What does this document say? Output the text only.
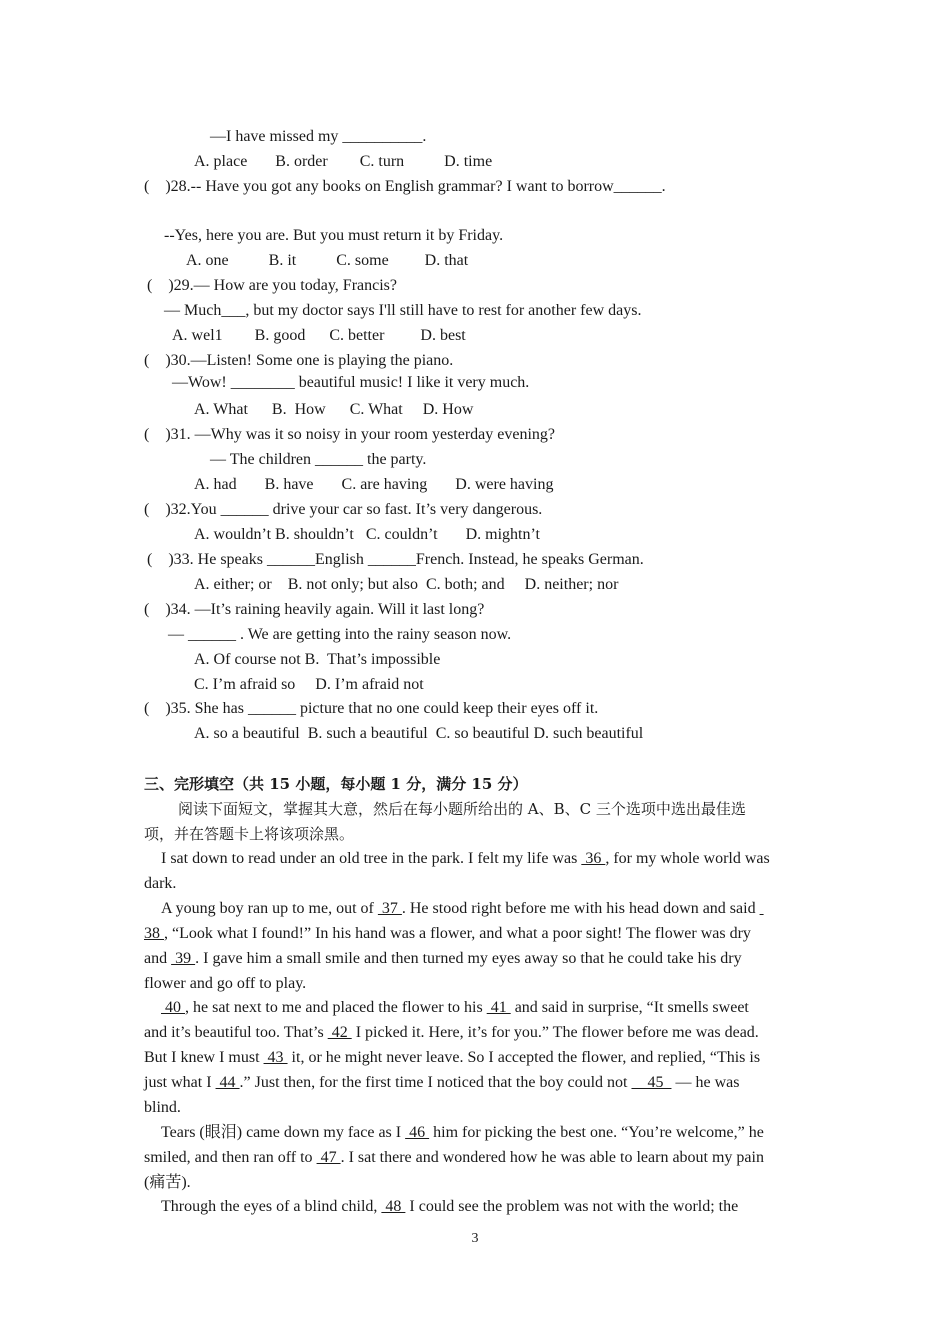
—I have missed my __________.
A. place       B. order        C. turn          D. time
(    )28.-- Have you got any books on English grammar? I want to borrow______.
--Yes, here you are. But you must return it by Friday.
A. one          B. it          C. some         D. that
(    )29.— How are you today, Francis?
— Much___, but my doctor says I'll still have to rest for another few days.
A. wel1        B. good      C. better         D. best
(    )30.—Listen! Some one is playing the piano.
—Wow! ________ beautiful music! I like it very much.
A. What      B.  How      C. What     D. How
(    )31. —Why was it so noisy in your room yesterday evening?
— The children ______ the party.
A. had       B. have       C. are having       D. were having
(    )32.You ______ drive your car so fast. It’s very dangerous.
A. wouldn’t B. shouldn’t   C. couldn’t       D. mightn’t
(    )33. He speaks ______English ______French. Instead, he speaks German.
A. either; or    B. not only; but also  C. both; and     D. neither; nor
(    )34. —It’s raining heavily again. Will it last long?
— ______ . We are getting into the rainy season now.
A. Of course not B.  That’s impossible
C. I’m afraid so     D. I’m afraid not
(    )35. She has ______ picture that no one could keep their eyes off it.
A. so a beautiful  B. such a beautiful  C. so beautiful D. such beautiful
三、完形填空（共 15 小题，每小题 1 分，满分 15 分）
阅读下面短文，掌握其大意，然后在每小题所给出的 A、B、C 三个选项中选出最佳选
项，并在答题卡上将该项涂黑。
I sat down to read under an old tree in the park. I felt my life was  36 , for my whole world was
dark.
A young boy ran up to me, out of  37 . He stood right before me with his head down and said
38 , “Look what I found!” In his hand was a flower, and what a poor sight! The flower was dry
and  39 . I gave him a small smile and then turned my eyes away so that he could take his dry
flower and go off to play.
40 , he sat next to me and placed the flower to his  41  and said in surprise, “It smells sweet
and it’s beautiful too. That’s  42  I picked it. Here, it’s for you.” The flower before me was dead.
But I knew I must  43  it, or he might never leave. So I accepted the flower, and replied, “This is
just what I  44 .” Just then, for the first time I noticed that the boy could not     45   — he was
blind.
Tears (眼泪) came down my face as I  46  him for picking the best one. “You’re welcome,” he
smiled, and then ran off to  47 . I sat there and wondered how he was able to learn about my pain
(痛苦).
Through the eyes of a blind child,  48  I could see the problem was not with the world; the
3
